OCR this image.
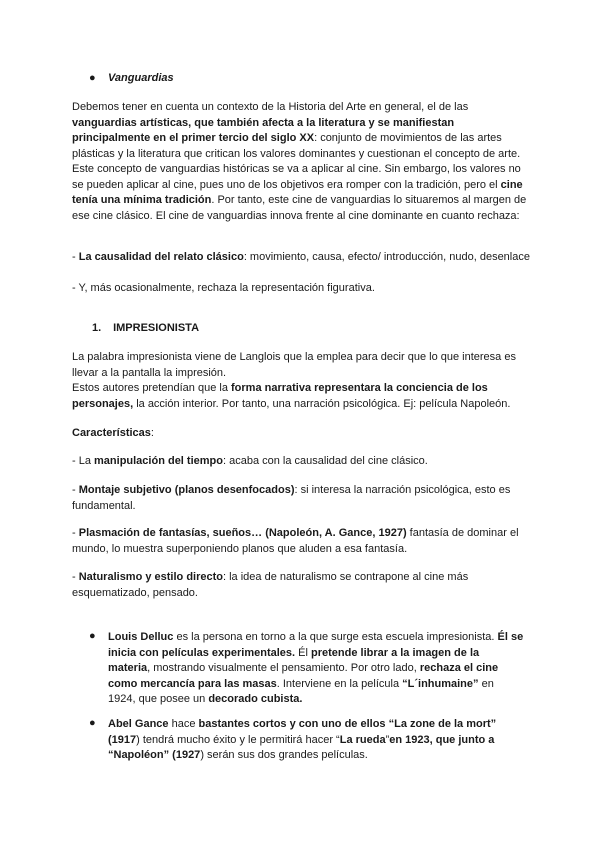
● Vanguardias

Debemos tener en cuenta un contexto de la Historia del Arte en general, el de las vanguardias artísticas, que también afecta a la literatura y se manifiestan principalmente en el primer tercio del siglo XX: conjunto de movimientos de las artes plásticas y la literatura que critican los valores dominantes y cuestionan el concepto de arte. Este concepto de vanguardias históricas se va a aplicar al cine. Sin embargo, los valores no se pueden aplicar al cine, pues uno de los objetivos era romper con la tradición, pero el cine tenía una mínima tradición. Por tanto, este cine de vanguardias lo situaremos al margen de ese cine clásico. El cine de vanguardias innova frente al cine dominante en cuanto rechaza:

- La causalidad del relato clásico: movimiento, causa, efecto/ introducción, nudo, desenlace

- Y, más ocasionalmente, rechaza la representación figurativa.

1. IMPRESIONISTA

La palabra impresionista viene de Langlois que la emplea para decir que lo que interesa es llevar a la pantalla la impresión.

Estos autores pretendían que la forma narrativa representara la conciencia de los personajes, la acción interior. Por tanto, una narración psicológica. Ej: película Napoleón.

Características:

- La manipulación del tiempo: acaba con la causalidad del cine clásico.

- Montaje subjetivo (planos desenfocados): si interesa la narración psicológica, esto es fundamental.

- Plasmación de fantasías, sueños… (Napoleón, A. Gance, 1927) fantasía de dominar el mundo, lo muestra superponiendo planos que aluden a esa fantasía.

- Naturalismo y estilo directo: la idea de naturalismo se contrapone al cine más esquematizado, pensado.

● Louis Delluc es la persona en torno a la que surge esta escuela impresionista. Él se inicia con películas experimentales. Él pretende librar a la imagen de la materia, mostrando visualmente el pensamiento. Por otro lado, rechaza el cine como mercancía para las masas. Interviene en la película “L´inhumaine” en 1924, que posee un decorado cubista.

● Abel Gance hace bastantes cortos y con uno de ellos “La zone de la mort” (1917) tendrá mucho éxito y le permitirá hacer “La rueda”en 1923, que junto a “Napoléon” (1927) serán sus dos grandes películas.
